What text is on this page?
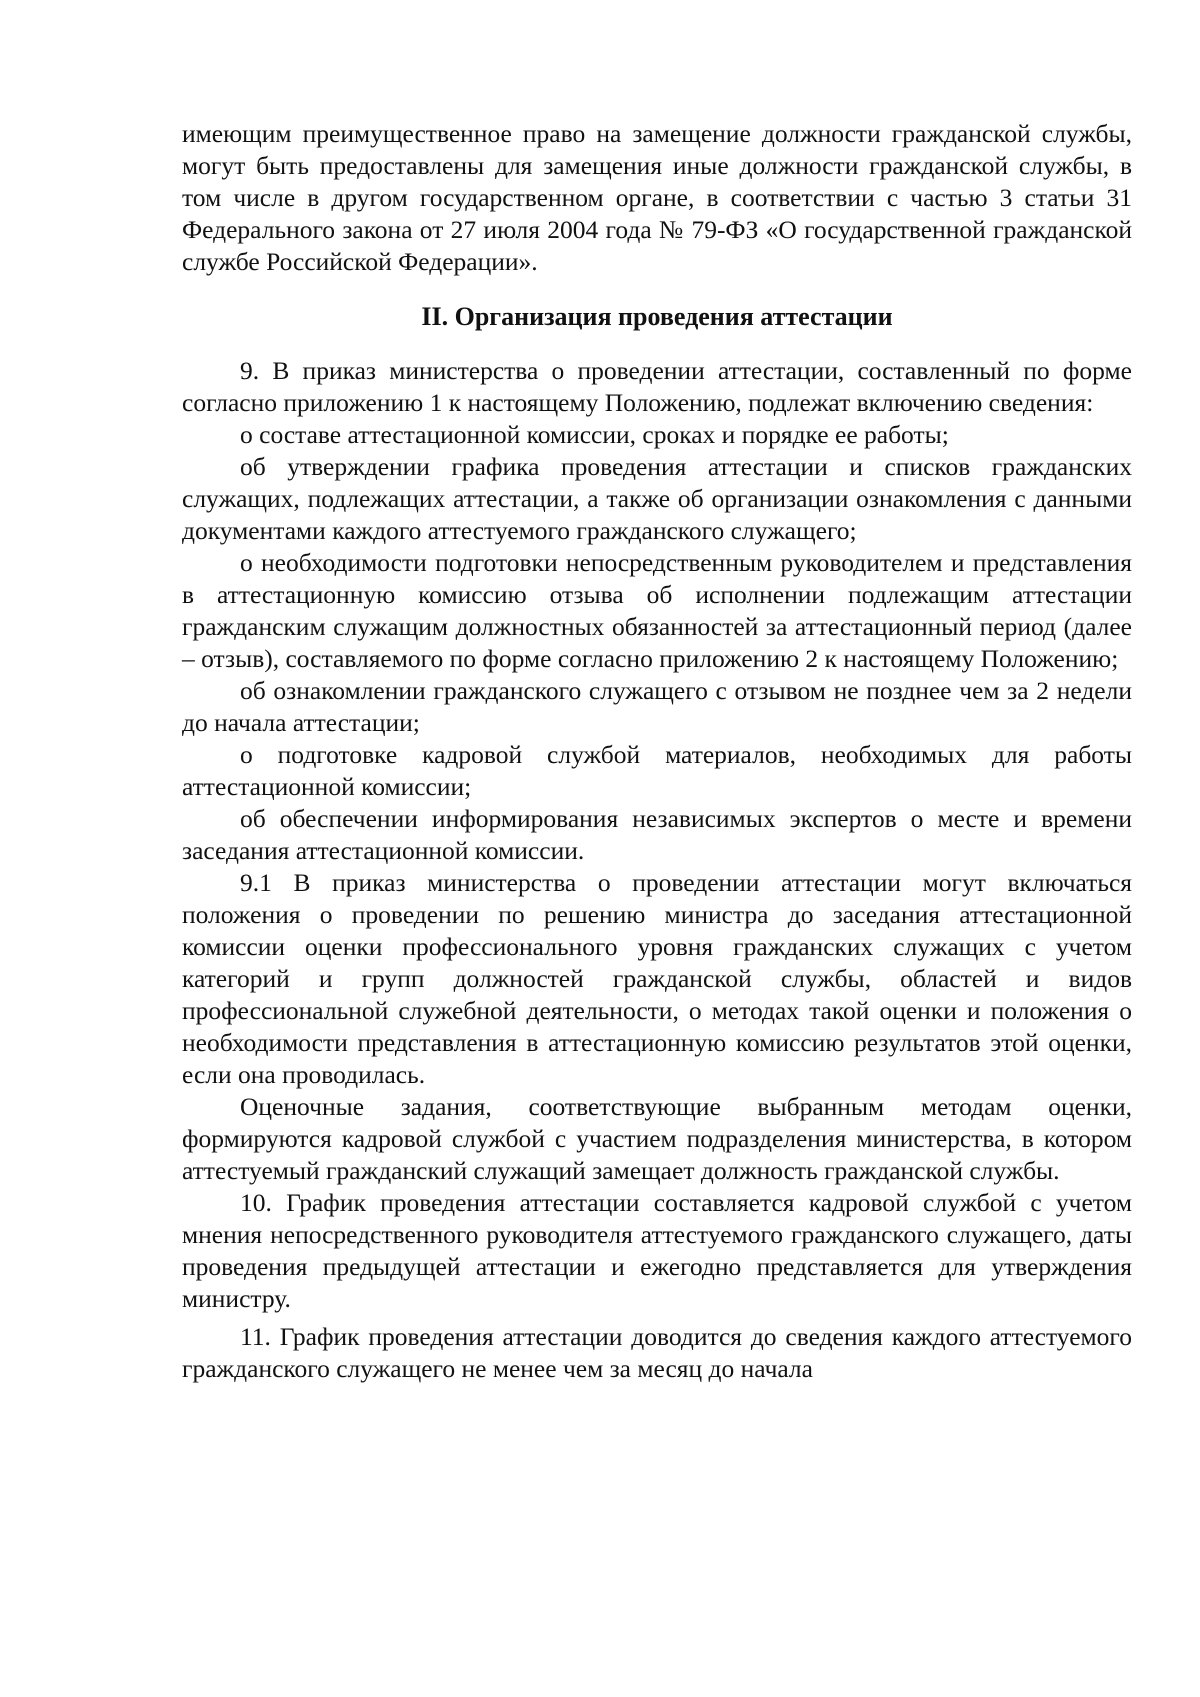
имеющим преимущественное право на замещение должности гражданской службы, могут быть предоставлены для замещения иные должности гражданской службы, в том числе в другом государственном органе, в соответствии с частью 3 статьи 31 Федерального закона от 27 июля 2004 года № 79-ФЗ «О государственной гражданской службе Российской Федерации».

II. Организация проведения аттестации

9. В приказ министерства о проведении аттестации, составленный по форме согласно приложению 1 к настоящему Положению, подлежат включению сведения:

о составе аттестационной комиссии, сроках и порядке ее работы;

об утверждении графика проведения аттестации и списков гражданских служащих, подлежащих аттестации, а также об организации ознакомления с данными документами каждого аттестуемого гражданского служащего;

о необходимости подготовки непосредственным руководителем и представления в аттестационную комиссию отзыва об исполнении подлежащим аттестации гражданским служащим должностных обязанностей за аттестационный период (далее – отзыв), составляемого по форме согласно приложению 2 к настоящему Положению;

об ознакомлении гражданского служащего с отзывом не позднее чем за 2 недели до начала аттестации;

о подготовке кадровой службой материалов, необходимых для работы аттестационной комиссии;

об обеспечении информирования независимых экспертов о месте и времени заседания аттестационной комиссии.

9.1 В приказ министерства о проведении аттестации могут включаться положения о проведении по решению министра до заседания аттестационной комиссии оценки профессионального уровня гражданских служащих с учетом категорий и групп должностей гражданской службы, областей и видов профессиональной служебной деятельности, о методах такой оценки и положения о необходимости представления в аттестационную комиссию результатов этой оценки, если она проводилась.

Оценочные задания, соответствующие выбранным методам оценки, формируются кадровой службой с участием подразделения министерства, в котором аттестуемый гражданский служащий замещает должность гражданской службы.

10. График проведения аттестации составляется кадровой службой с учетом мнения непосредственного руководителя аттестуемого гражданского служащего, даты проведения предыдущей аттестации и ежегодно представляется для утверждения министру.

11. График проведения аттестации доводится до сведения каждого аттестуемого гражданского служащего не менее чем за месяц до начала
